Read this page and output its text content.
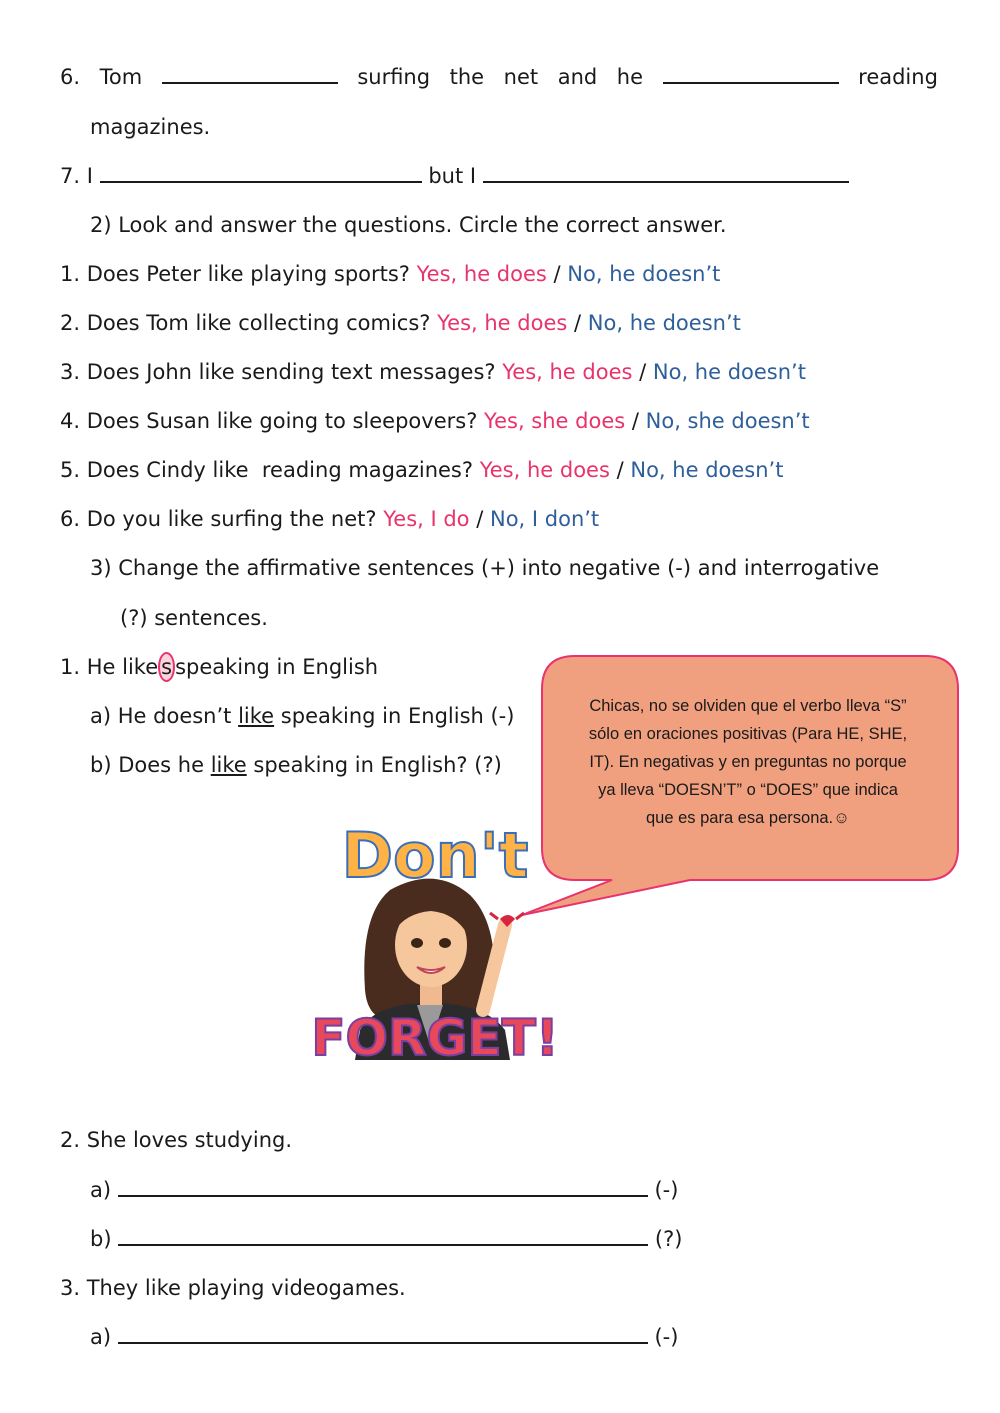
6. Tom	surfing the net and he	reading
magazines.
7. I	but I
2) Look and answer the questions. Circle the correct answer.
1. Does Peter like playing sports? Yes, he does / No, he doesn’t
2. Does Tom like collecting comics? Yes, he does / No, he doesn’t
3. Does John like sending text messages? Yes, he does / No, he doesn’t
4. Does Susan like going to sleepovers? Yes, she does / No, she doesn’t
5. Does Cindy like  reading magazines? Yes, he does / No, he doesn’t
6. Do you like surfing the net? Yes, I do / No, I don’t
3) Change the affirmative sentences (+) into negative (-) and interrogative
(?) sentences.
1. He like s speaking in English
a) He doesn’t like speaking in English (-)
b) Does he like speaking in English? (?)
Chicas, no se olviden que el verbo lleva “S”
sólo en oraciones positivas (Para HE, SHE,
IT). En negativas y en preguntas no porque
ya lleva “DOESN’T” o “DOES” que indica
que es para esa persona.☺
Don't
FORGET!
2. She loves studying.
a)	(-)
b)	(?)
3. They like playing videogames.
a)	(-)
